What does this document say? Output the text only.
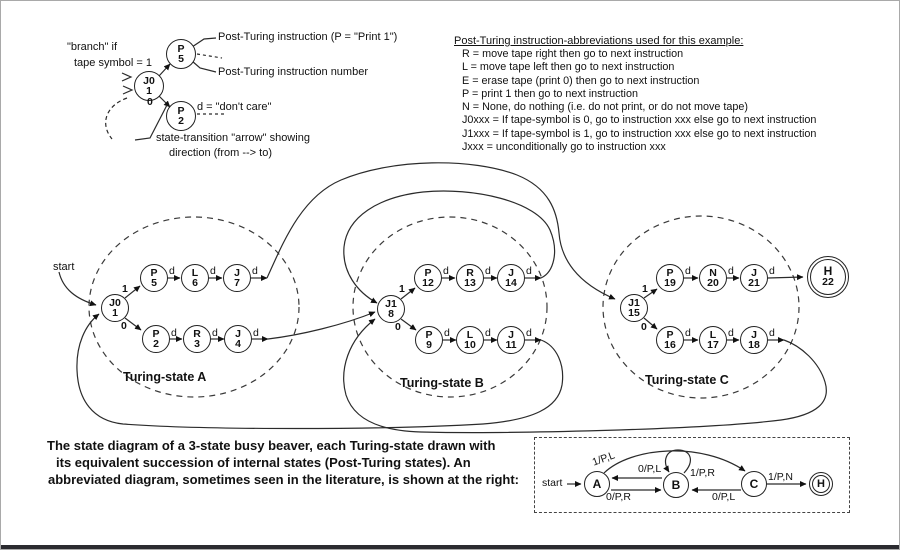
"branch" if
tape symbol = 1
P
5
J0
1
P
2
0
Post-Turing instruction (P = "Print 1")
Post-Turing instruction number
d = "don't care"
state-transition "arrow" showing
direction (from --> to)
Post-Turing instruction-abbreviations used for this example:
R = move tape right then go to next instruction
L = move tape left then go to next instruction
E = erase tape (print 0) then go to next instruction
P = print 1 then go to next instruction
N = None, do nothing (i.e. do not print, or do not move tape)
J0xxx = If tape-symbol is 0, go to instruction xxx else go to next instruction
J1xxx = If tape-symbol is 1, go to instruction xxx else go to next instruction
Jxxx = unconditionally go to instruction xxx
start
J0
1
1
0
P
5
L
6
J
7
P
2
R
3
J
4
Turing-state A
J1
8
1
0
P
12
R
13
J
14
P
9
L
10
J
11
Turing-state B
J1
15
1
0
P
19
N
20
J
21
P
16
L
17
J
18
Turing-state C
H
22
d	d	d
d	d	d
d	d	d
d	d	d
d	d	d
d	d	d
The state diagram of a 3-state busy beaver, each Turing-state drawn with
its equivalent succession of internal states (Post-Turing states). An
abbreviated diagram, sometimes seen in the literature, is shown at the right: start	A	B	C	H
1/P,L
0/P,L	1/P,R
0/P,R	0/P,L
1/P,N
